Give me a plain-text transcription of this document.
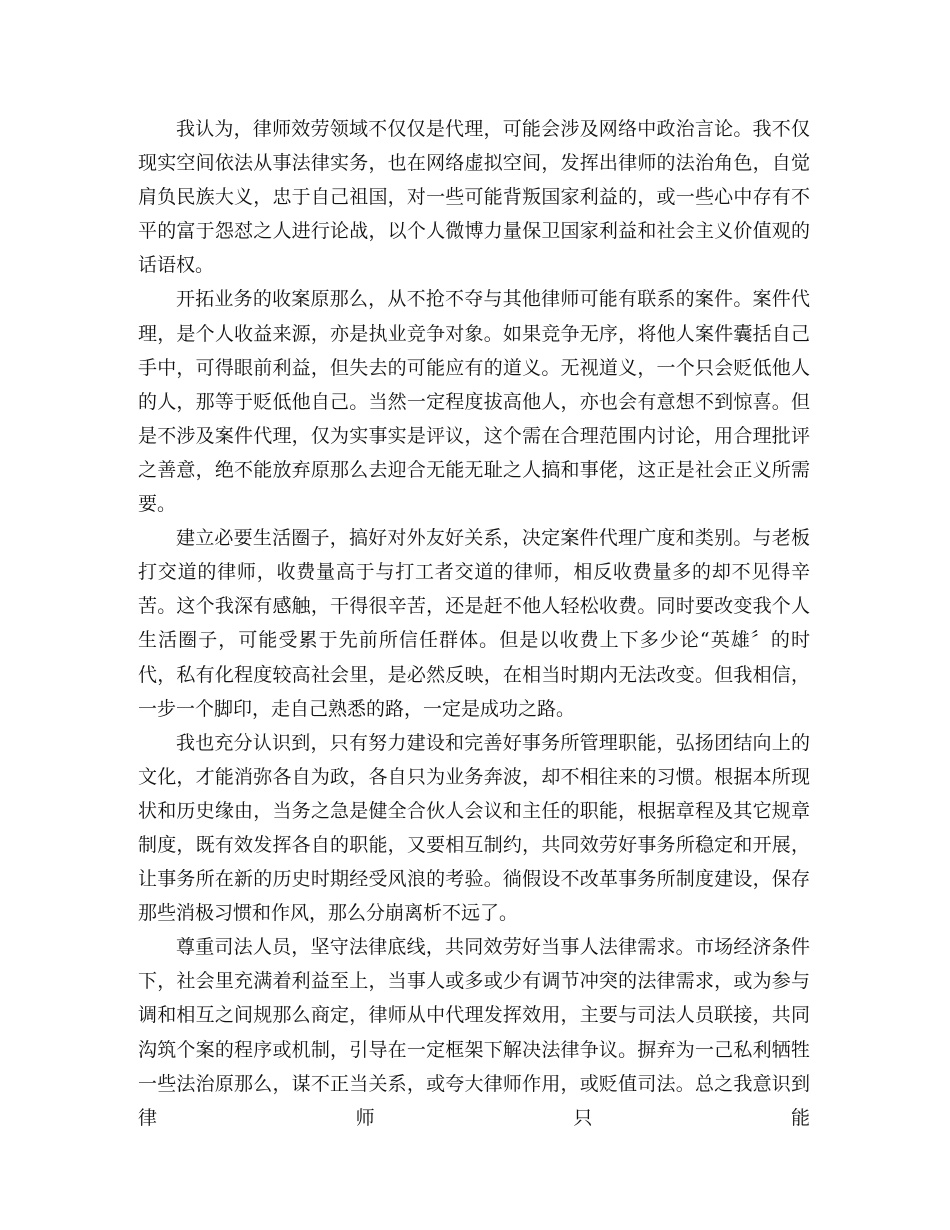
我认为，律师效劳领域不仅仅是代理，可能会涉及网络中政治言论。我不仅现实空间依法从事法律实务，也在网络虚拟空间，发挥出律师的法治角色，自觉肩负民族大义，忠于自己祖国，对一些可能背叛国家利益的，或一些心中存有不平的富于怨怼之人进行论战，以个人微博力量保卫国家利益和社会主义价值观的话语权。

开拓业务的收案原那么，从不抢不夺与其他律师可能有联系的案件。案件代理，是个人收益来源，亦是执业竞争对象。如果竞争无序，将他人案件囊括自己手中，可得眼前利益，但失去的可能应有的道义。无视道义，一个只会贬低他人的人，那等于贬低他自己。当然一定程度拔高他人，亦也会有意想不到惊喜。但是不涉及案件代理，仅为实事实是评议，这个需在合理范围内讨论，用合理批评之善意，绝不能放弃原那么去迎合无能无耻之人搞和事佬，这正是社会正义所需要。

建立必要生活圈子，搞好对外友好关系，决定案件代理广度和类别。与老板打交道的律师，收费量高于与打工者交道的律师，相反收费量多的却不见得辛苦。这个我深有感触，干得很辛苦，还是赶不他人轻松收费。同时要改变我个人生活圈子，可能受累于先前所信任群体。但是以收费上下多少论“英雄〞的时代，私有化程度较高社会里，是必然反映，在相当时期内无法改变。但我相信，一步一个脚印，走自己熟悉的路，一定是成功之路。

我也充分认识到，只有努力建设和完善好事务所管理职能，弘扬团结向上的文化，才能消弥各自为政，各自只为业务奔波，却不相往来的习惯。根据本所现状和历史缘由，当务之急是健全合伙人会议和主任的职能，根据章程及其它规章制度，既有效发挥各自的职能，又要相互制约，共同效劳好事务所稳定和开展，让事务所在新的历史时期经受风浪的考验。徜假设不改革事务所制度建设，保存那些消极习惯和作风，那么分崩离析不远了。

尊重司法人员，坚守法律底线，共同效劳好当事人法律需求。市场经济条件下，社会里充满着利益至上，当事人或多或少有调节冲突的法律需求，或为参与调和相互之间规那么商定，律师从中代理发挥效用，主要与司法人员联接，共同沟筑个案的程序或机制，引导在一定框架下解决法律争议。摒弃为一己私利牺牲一些法治原那么，谋不正当关系，或夸大律师作用，或贬值司法。总之我意识到律师只能
